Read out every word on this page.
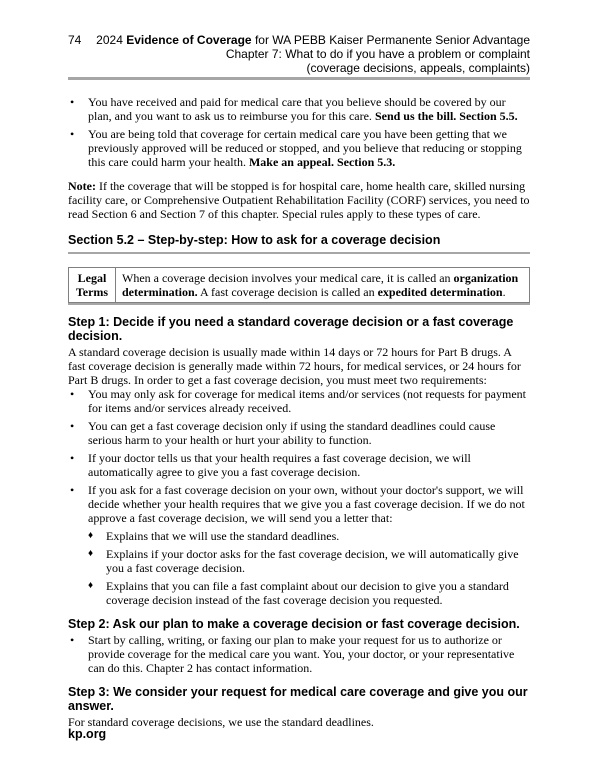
74	2024 Evidence of Coverage for WA PEBB Kaiser Permanente Senior Advantage
Chapter 7: What to do if you have a problem or complaint
(coverage decisions, appeals, complaints)
• You have received and paid for medical care that you believe should be covered by our plan, and you want to ask us to reimburse you for this care. Send us the bill. Section 5.5.
• You are being told that coverage for certain medical care you have been getting that we previously approved will be reduced or stopped, and you believe that reducing or stopping this care could harm your health. Make an appeal. Section 5.3.

Note: If the coverage that will be stopped is for hospital care, home health care, skilled nursing facility care, or Comprehensive Outpatient Rehabilitation Facility (CORF) services, you need to read Section 6 and Section 7 of this chapter. Special rules apply to these types of care.

Section 5.2 – Step-by-step: How to ask for a coverage decision
Legal
Terms
When a coverage decision involves your medical care, it is called an organization determination. A fast coverage decision is called an expedited determination.
Step 1: Decide if you need a standard coverage decision or a fast coverage decision.

A standard coverage decision is usually made within 14 days or 72 hours for Part B drugs. A fast coverage decision is generally made within 72 hours, for medical services, or 24 hours for Part B drugs. In order to get a fast coverage decision, you must meet two requirements:

• You may only ask for coverage for medical items and/or services (not requests for payment for items and/or services already received.
• You can get a fast coverage decision only if using the standard deadlines could cause serious harm to your health or hurt your ability to function.
• If your doctor tells us that your health requires a fast coverage decision, we will automatically agree to give you a fast coverage decision.
• If you ask for a fast coverage decision on your own, without your doctor's support, we will decide whether your health requires that we give you a fast coverage decision. If we do not approve a fast coverage decision, we will send you a letter that:
♦ Explains that we will use the standard deadlines.
♦ Explains if your doctor asks for the fast coverage decision, we will automatically give you a fast coverage decision.
♦ Explains that you can file a fast complaint about our decision to give you a standard coverage decision instead of the fast coverage decision you requested.
Step 2: Ask our plan to make a coverage decision or fast coverage decision.
• Start by calling, writing, or faxing our plan to make your request for us to authorize or provide coverage for the medical care you want. You, your doctor, or your representative can do this. Chapter 2 has contact information.
Step 3: We consider your request for medical care coverage and give you our answer.

For standard coverage decisions, we use the standard deadlines.

kp.org
